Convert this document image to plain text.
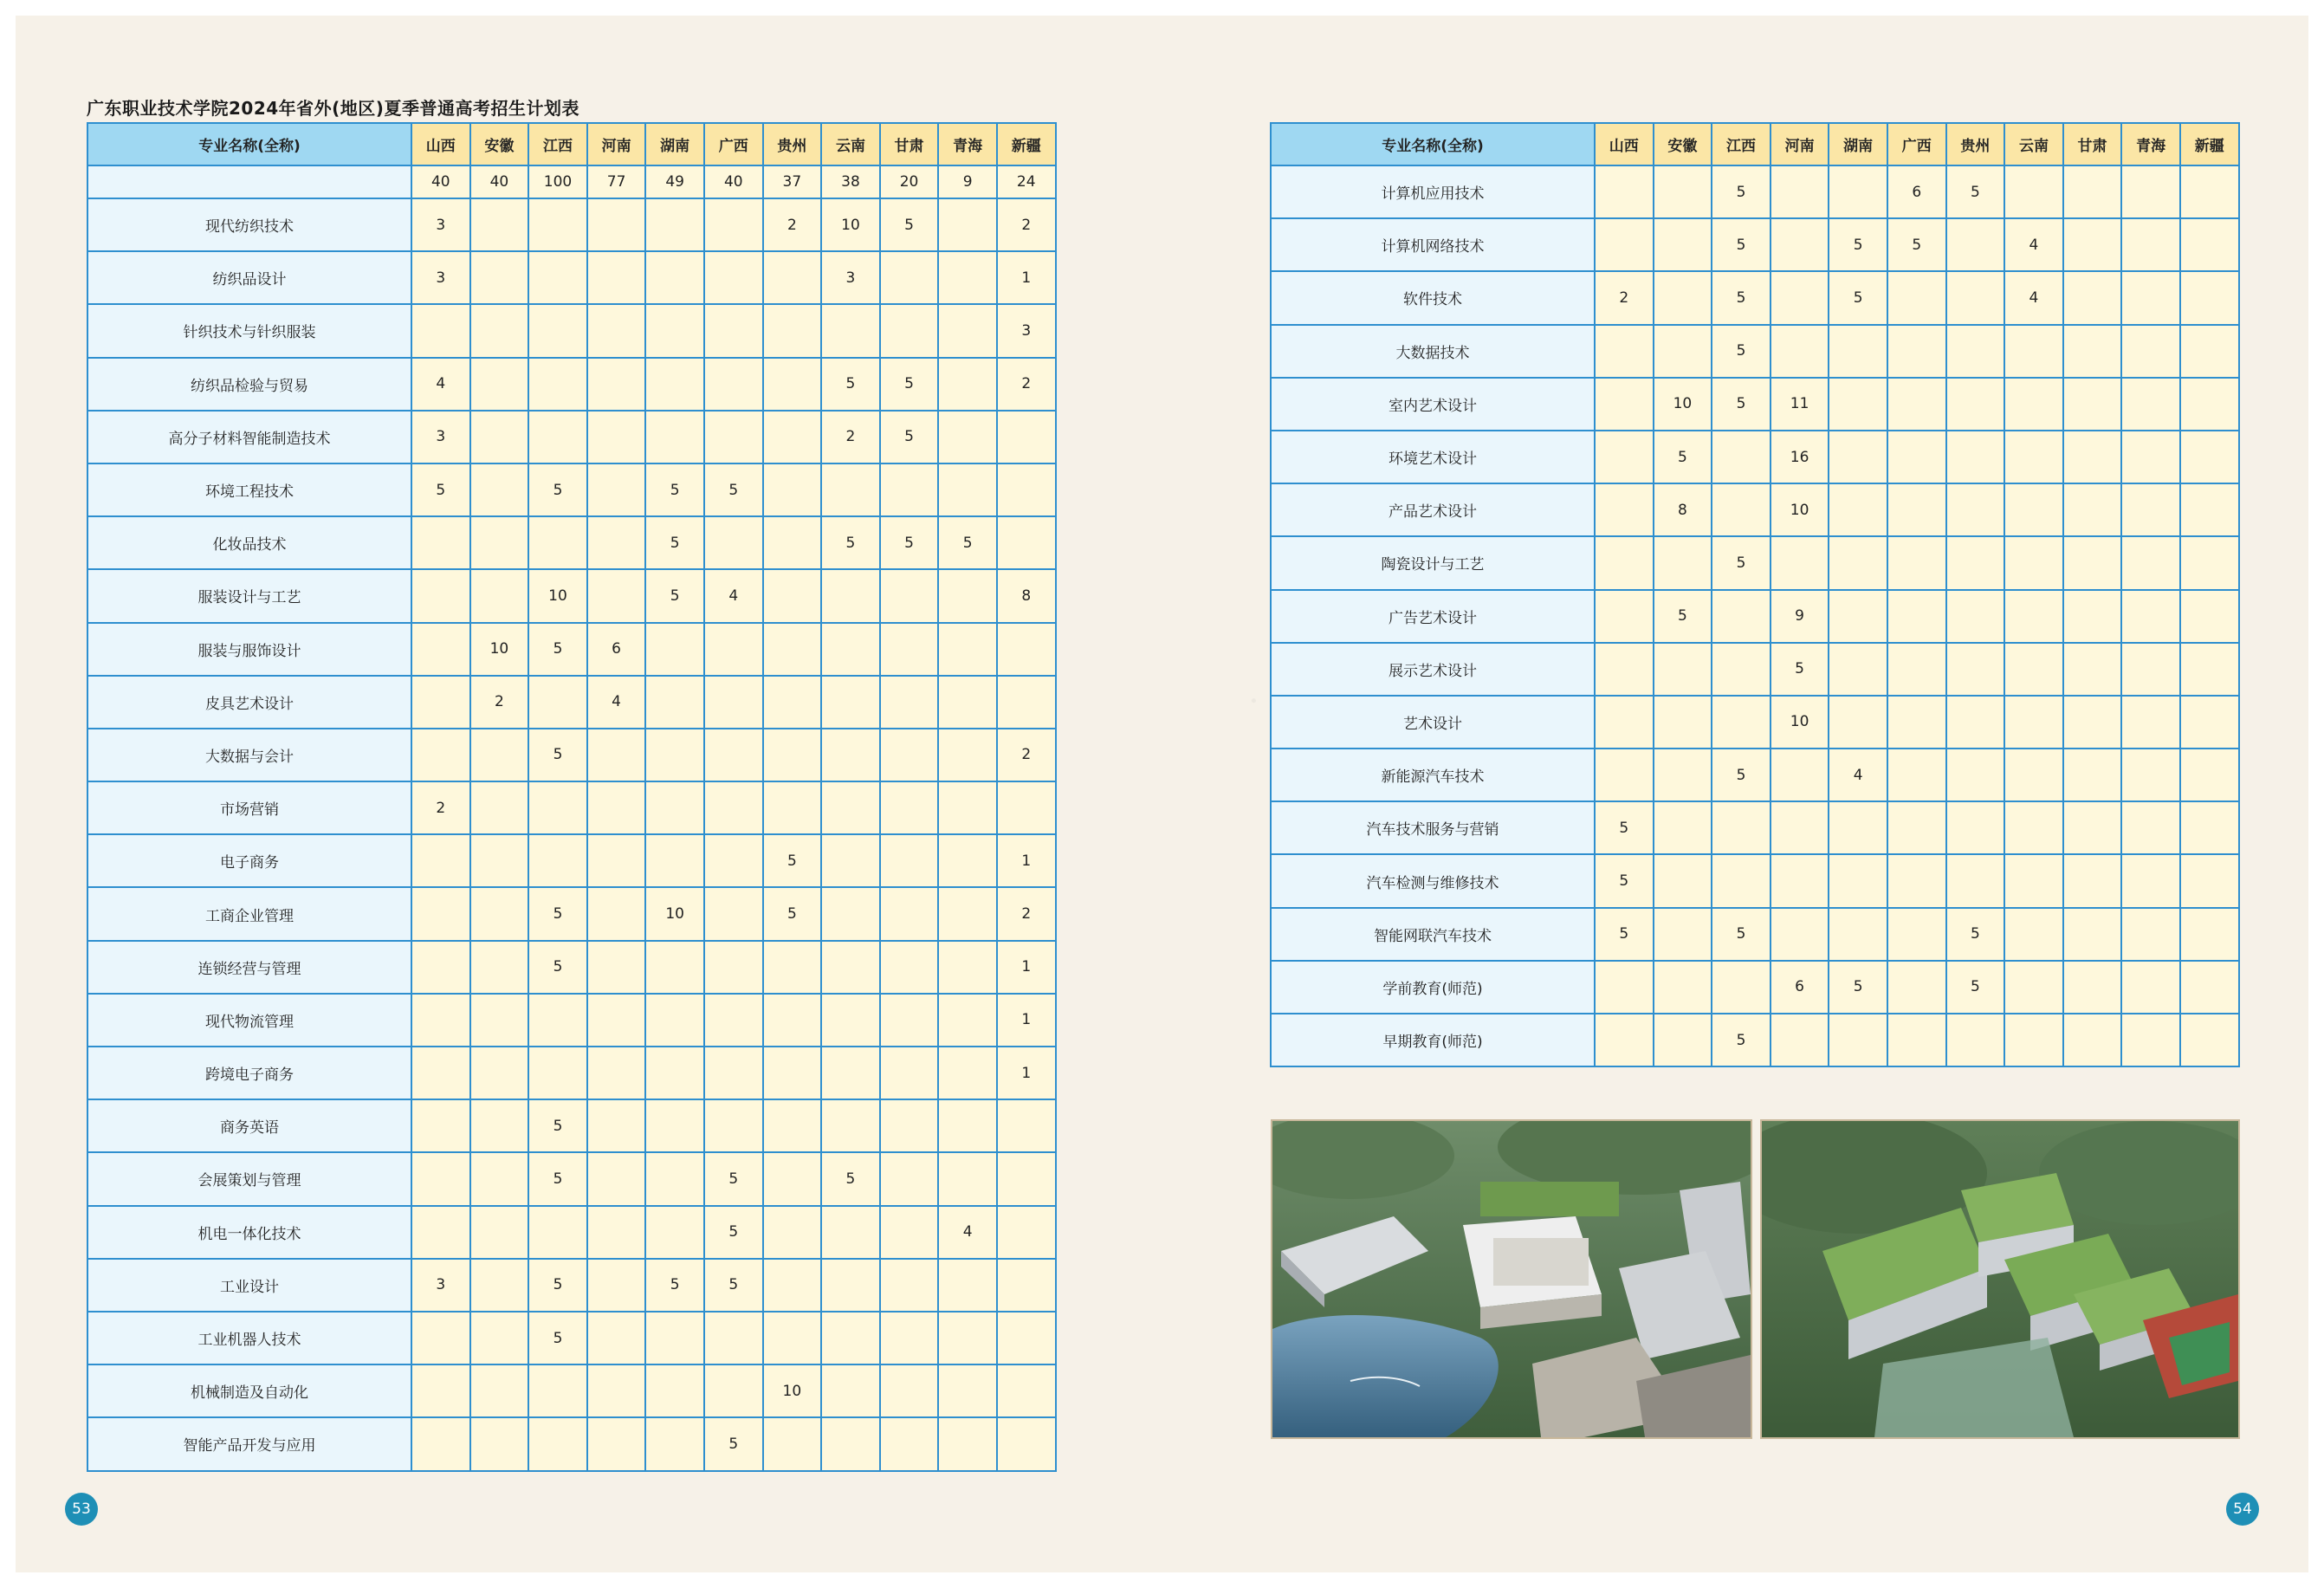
广东职业技术学院2024年省外(地区)夏季普通高考招生计划表
专业名称(全称)	山西	安徽	江西	河南	湖南	广西	贵州	云南	甘肃	青海	新疆
	40	40	100	77	49	40	37	38	20	9	24
现代纺织技术	3						2	10	5		2
纺织品设计	3							3			1
针织技术与针织服装											3
纺织品检验与贸易	4							5	5		2
高分子材料智能制造技术	3							2	5		
环境工程技术	5		5		5	5					
化妆品技术					5			5	5	5	
服装设计与工艺			10		5	4					8
服装与服饰设计		10	5	6							
皮具艺术设计		2		4							
大数据与会计			5								2
市场营销	2										
电子商务							5				1
工商企业管理			5		10		5				2
连锁经营与管理			5								1
现代物流管理											1
跨境电子商务											1
商务英语			5								
会展策划与管理			5			5		5			
机电一体化技术						5				4	
工业设计	3		5		5	5					
工业机器人技术			5								
机械制造及自动化							10				
智能产品开发与应用						5					
专业名称(全称)	山西	安徽	江西	河南	湖南	广西	贵州	云南	甘肃	青海	新疆
计算机应用技术			5			6	5				
计算机网络技术			5		5	5		4			
软件技术	2		5		5			4			
大数据技术			5								
室内艺术设计		10	5	11							
环境艺术设计		5		16							
产品艺术设计		8		10							
陶瓷设计与工艺			5								
广告艺术设计		5		9							
展示艺术设计				5							
艺术设计				10							
新能源汽车技术			5		4						
汽车技术服务与营销	5										
汽车检测与维修技术	5										
智能网联汽车技术	5		5				5				
学前教育(师范)				6	5		5				
早期教育(师范)			5								
53	54
